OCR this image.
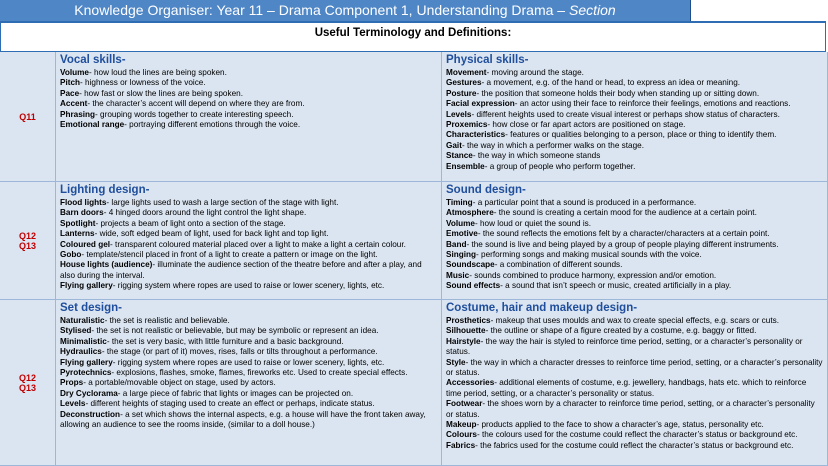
Knowledge Organiser: Year 11 – Drama Component 1, Understanding Drama – Section
Useful Terminology and Definitions:
Q11
Vocal skills-
Volume- how loud the lines are being spoken.
Pitch- highness or lowness of the voice.
Pace- how fast or slow the lines are being spoken.
Accent- the character’s accent will depend on where they are from.
Phrasing- grouping words together to create interesting speech.
Emotional range- portraying different emotions through the voice.
Physical skills-
Movement- moving around the stage.
Gestures- a movement, e.g. of the hand or head, to express an idea or meaning.
Posture- the position that someone holds their body when standing up or sitting down.
Facial expression- an actor using their face to reinforce their feelings, emotions and reactions.
Levels- different heights used to create visual interest or perhaps show status of characters.
Proxemics- how close or far apart actors are positioned on stage.
Characteristics- features or qualities belonging to a person, place or thing to identify them.
Gait- the way in which a performer walks on the stage.
Stance- the way in which someone stands
Ensemble- a group of people who perform together.
Q12
Q13
Lighting design-
Flood lights- large lights used to wash a large section of the stage with light.
Barn doors- 4 hinged doors around the light control the light shape.
Spotlight- projects a beam of light onto a section of the stage.
Lanterns- wide, soft edged beam of light, used for back light and top light.
Coloured gel- transparent coloured material placed over a light to make a light a certain colour.
Gobo- template/stencil placed in front of a light to create a pattern or image on the light.
House lights (audience)- illuminate the audience section of the theatre before and after a play, and also during the interval.
Flying gallery- rigging system where ropes are used to raise or lower scenery, lights, etc.
Sound design-
Timing- a particular point that a sound is produced in a performance.
Atmosphere- the sound is creating a certain mood for the audience at a certain point.
Volume- how loud or quiet the sound is.
Emotive- the sound reflects the emotions felt by a character/characters at a certain point.
Band- the sound is live and being played by a group of people playing different instruments.
Singing- performing songs and making musical sounds with the voice.
Soundscape- a combination of different sounds.
Music- sounds combined to produce harmony, expression and/or emotion.
Sound effects- a sound that isn’t speech or music, created artificially in a play.
Q12
Q13
Set design-
Naturalistic- the set is realistic and believable.
Stylised- the set is not realistic or believable, but may be symbolic or represent an idea.
Minimalistic- the set is very basic, with little furniture and a basic background.
Hydraulics- the stage (or part of it) moves, rises, falls or tilts throughout a performance.
Flying gallery- rigging system where ropes are used to raise or lower scenery, lights, etc.
Pyrotechnics- explosions, flashes, smoke, flames, fireworks etc. Used to create special effects.
Props- a portable/movable object on stage, used by actors.
Dry Cyclorama- a large piece of fabric that lights or images can be projected on.
Levels- different heights of staging used to create an effect or perhaps, indicate status.
Deconstruction- a set which shows the internal aspects, e.g. a house will have the front taken away, allowing an audience to see the rooms inside, (similar to a doll house.)
Costume, hair and makeup design-
Prosthetics- makeup that uses moulds and wax to create special effects, e.g. scars or cuts.
Silhouette- the outline or shape of a figure created by a costume, e.g. baggy or fitted.
Hairstyle- the way the hair is styled to reinforce time period, setting, or a character’s personality or status.
Style- the way in which a character dresses to reinforce time period, setting, or a character’s personality or status.
Accessories- additional elements of costume, e.g. jewellery, handbags, hats etc. which to reinforce time period, setting, or a character’s personality or status.
Footwear- the shoes worn by a character to reinforce time period, setting, or a character’s personality or status.
Makeup- products applied to the face to show a character’s age, status, personality etc.
Colours- the colours used for the costume could reflect the character’s status or background etc.
Fabrics- the fabrics used for the costume could reflect the character’s status or background etc.
